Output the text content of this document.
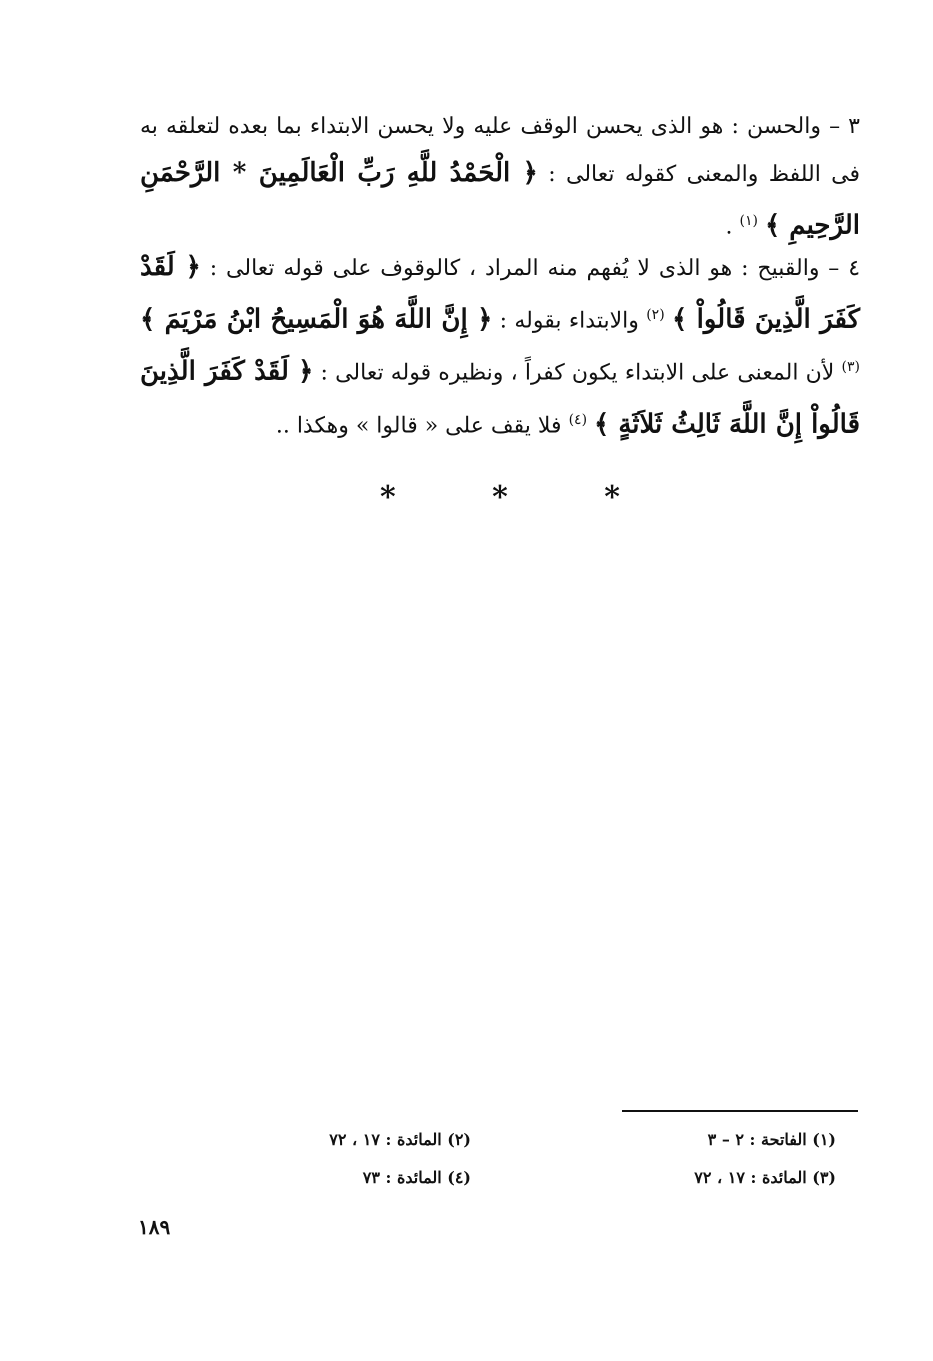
٣ – والحسن : هو الذى يحسن الوقف عليه ولا يحسن الابتداء بما بعده لتعلقه به فى اللفظ والمعنى كقوله تعالى : ﴿ الْحَمْدُ للَّهِ رَبِّ الْعَالَمِينَ * الرَّحْمَنِ الرَّحِيمِ ﴾ $^{(١)}$ .

٤ – والقبيح : هو الذى لا يُفهم منه المراد ، كالوقوف على قوله تعالى : ﴿ لَقَدْ كَفَرَ الَّذِينَ قَالُواْ ﴾ $^{(٢)}$ والابتداء بقوله : ﴿ إِنَّ اللَّهَ هُوَ الْمَسِيحُ ابْنُ مَرْيَمَ ﴾ $^{(٣)}$ لأن المعنى على الابتداء يكون كفراً ، ونظيره قوله تعالى : ﴿ لَقَدْ كَفَرَ الَّذِينَ قَالُواْ إِنَّ اللَّهَ ثَالِثُ ثَلاَثَةٍ ﴾ $^{(٤)}$ فلا يقف على « قالوا » وهكذا ..

*	*	*
(١) الفاتحة : ٢ – ٣
(٢) المائدة : ١٧ ، ٧٢
(٣) المائدة : ١٧ ، ٧٢
(٤) المائدة : ٧٣
١٨٩
